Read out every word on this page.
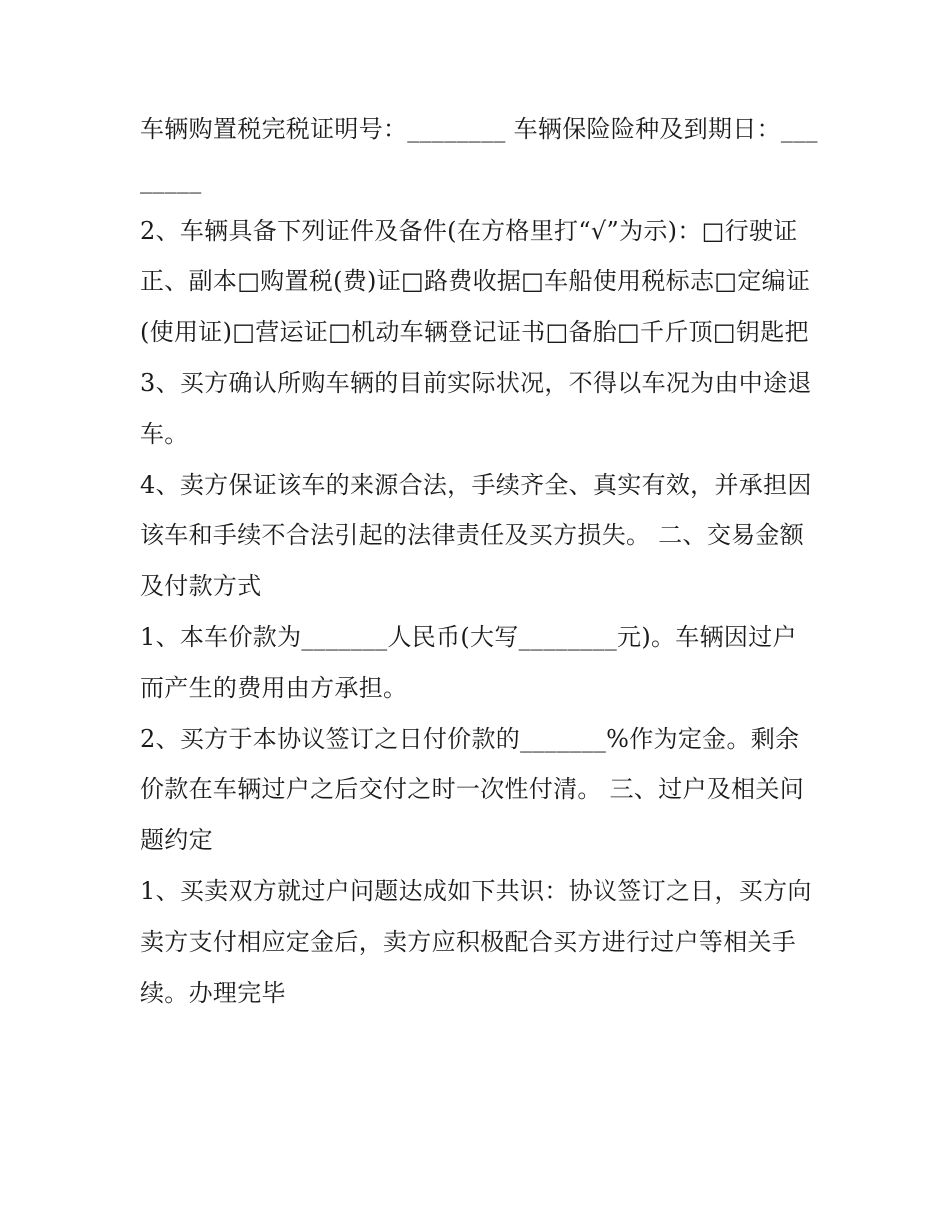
车辆购置税完税证明号：________ 车辆保险险种及到期日：________

2、车辆具备下列证件及备件(在方格里打“√”为示)：□行驶证正、副本□购置税(费)证□路费收据□车船使用税标志□定编证(使用证)□营运证□机动车辆登记证书□备胎□千斤顶□钥匙把

3、买方确认所购车辆的目前实际状况，不得以车况为由中途退车。

4、卖方保证该车的来源合法，手续齐全、真实有效，并承担因该车和手续不合法引起的法律责任及买方损失。 二、交易金额及付款方式

1、本车价款为_______人民币(大写________元)。车辆因过户而产生的费用由方承担。

2、买方于本协议签订之日付价款的_______%作为定金。剩余价款在车辆过户之后交付之时一次性付清。 三、过户及相关问题约定

1、买卖双方就过户问题达成如下共识：协议签订之日，买方向卖方支付相应定金后，卖方应积极配合买方进行过户等相关手续。办理完毕
